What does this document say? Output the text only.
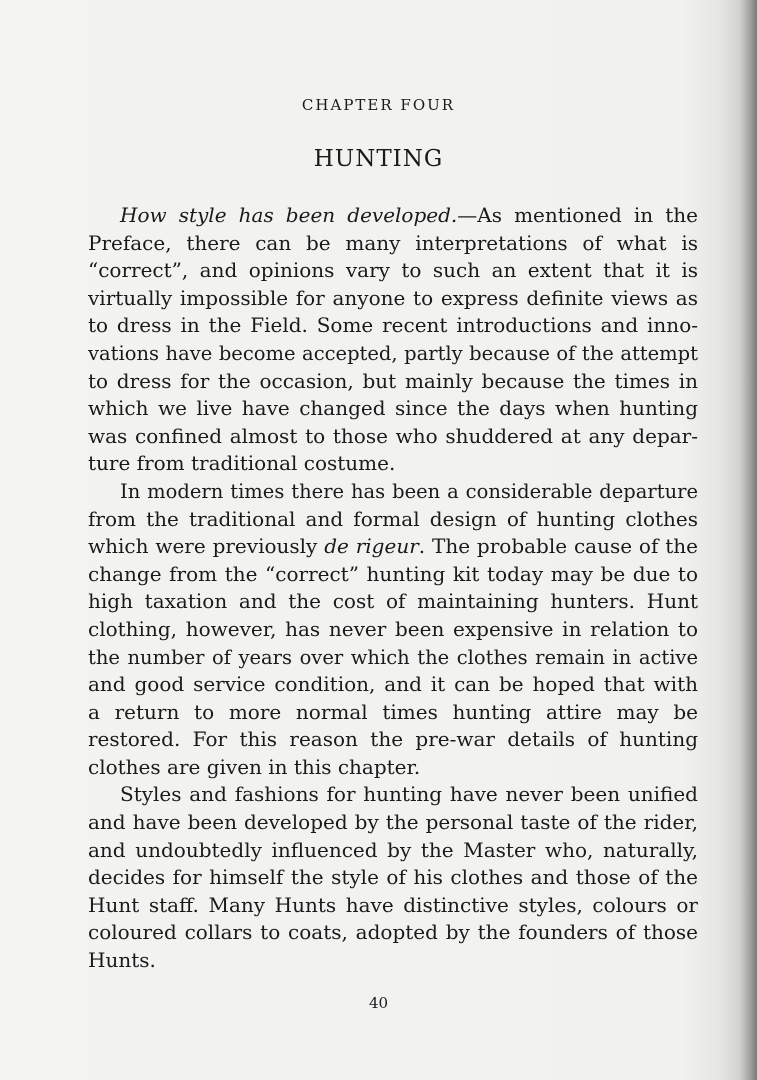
CHAPTER FOUR
HUNTING
How style has been developed.—As mentioned in the
Preface, there can be many interpretations of what is
“correct”, and opinions vary to such an extent that it is
virtually impossible for anyone to express definite views as
to dress in the Field. Some recent introductions and inno-
vations have become accepted, partly because of the attempt
to dress for the occasion, but mainly because the times in
which we live have changed since the days when hunting
was confined almost to those who shuddered at any depar-
ture from traditional costume.
In modern times there has been a considerable departure
from the traditional and formal design of hunting clothes
which were previously de rigeur. The probable cause of the
change from the “correct” hunting kit today may be due to
high taxation and the cost of maintaining hunters. Hunt
clothing, however, has never been expensive in relation to
the number of years over which the clothes remain in active
and good service condition, and it can be hoped that with
a return to more normal times hunting attire may be
restored. For this reason the pre-war details of hunting
clothes are given in this chapter.
Styles and fashions for hunting have never been unified
and have been developed by the personal taste of the rider,
and undoubtedly influenced by the Master who, naturally,
decides for himself the style of his clothes and those of the
Hunt staff. Many Hunts have distinctive styles, colours or
coloured collars to coats, adopted by the founders of those
Hunts.
40
